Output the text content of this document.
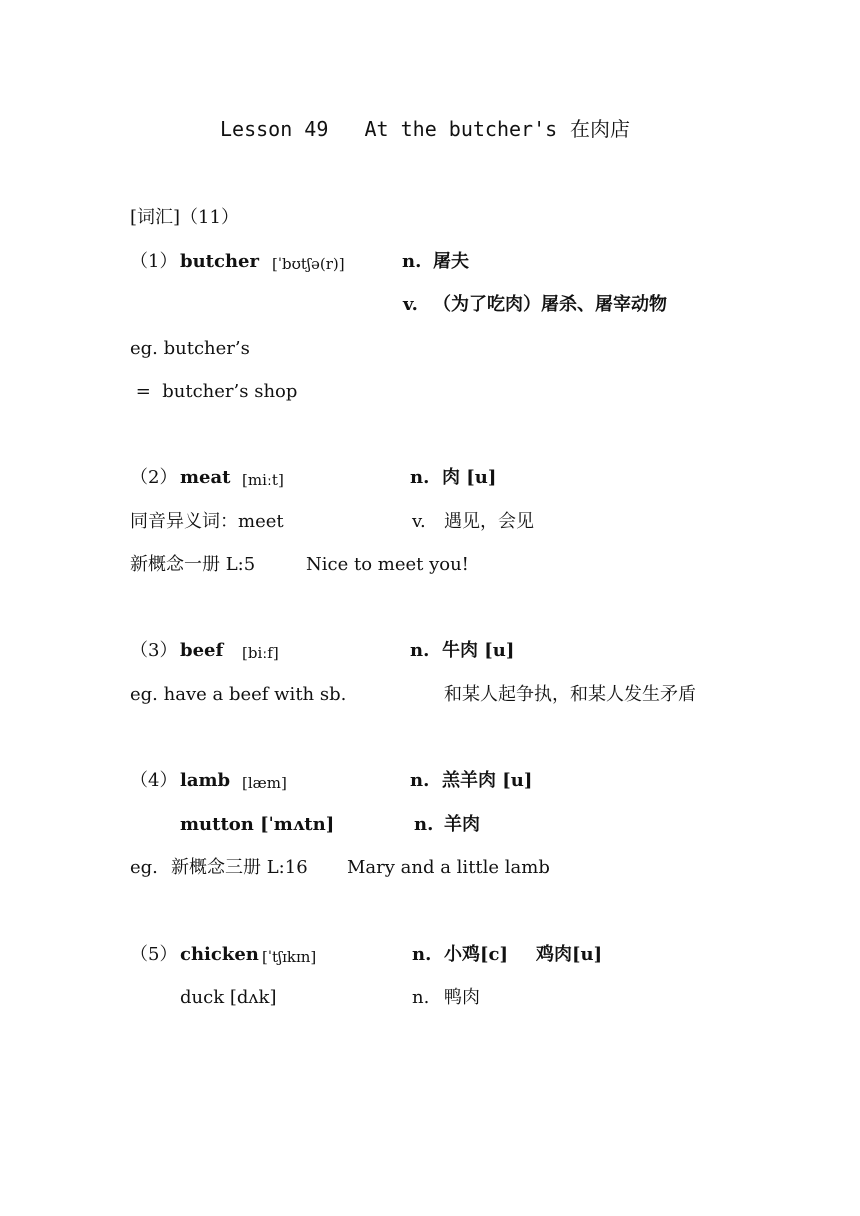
Lesson 49   At the butcher's 在肉店
[词汇]（11）
（1） butcher [ˈbʊtʃə(r)]	n. 屠夫
v. （为了吃肉）屠杀、屠宰动物
eg. butcher’s
=  butcher’s shop
（2） meat [miːt]	n. 肉 [u]
同音异义词：meet	v. 遇见，会见
新概念一册 L:5	Nice to meet you!
（3） beef [biːf]	n. 牛肉 [u]
eg. have a beef with sb.	和某人起争执，和某人发生矛盾
（4） lamb [læm]	n. 羔羊肉 [u]
mutton [ˈmʌtn]	n. 羊肉
eg. 新概念三册 L:16 Mary and a little lamb
（5） chicken [ˈtʃɪkɪn]	n. 小鸡[c] 鸡肉[u]
duck [dʌk]	n. 鸭肉
